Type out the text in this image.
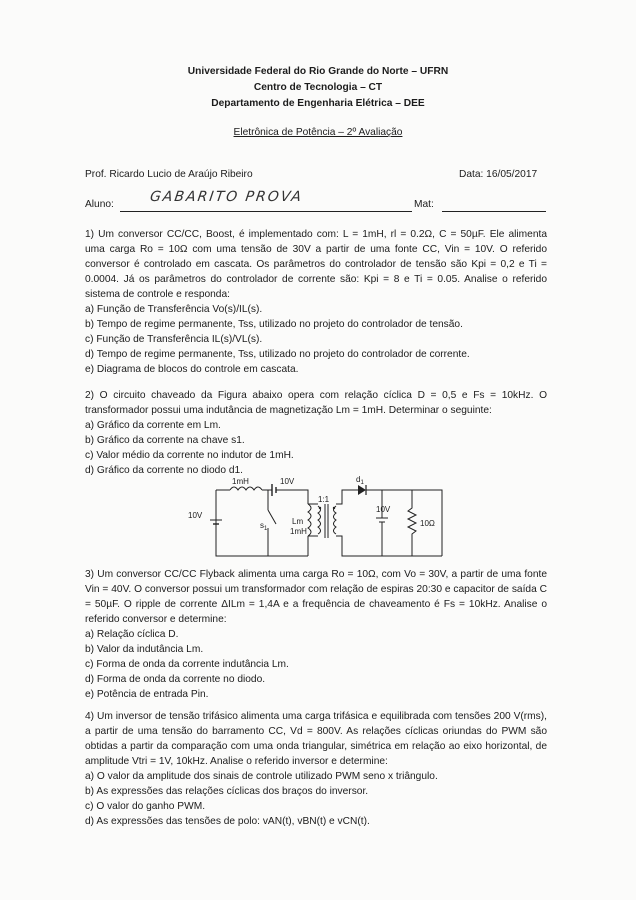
Universidade Federal do Rio Grande do Norte – UFRN
Centro de Tecnologia – CT
Departamento de Engenharia Elétrica – DEE
Eletrônica de Potência – 2º Avaliação
Prof. Ricardo Lucio de Araújo Ribeiro	Data: 16/05/2017
Aluno: GABARITO PROVA	Mat:

1) Um conversor CC/CC, Boost, é implementado com: L = 1mH, rl = 0.2Ω, C = 50µF. Ele alimenta uma carga Ro = 10Ω com uma tensão de 30V a partir de uma fonte CC, Vin = 10V. O referido conversor é controlado em cascata. Os parâmetros do controlador de tensão são Kpi = 0,2 e Ti = 0.0004. Já os parâmetros do controlador de corrente são: Kpi = 8 e Ti = 0.05. Analise o referido sistema de controle e responda:

a) Função de Transferência Vo(s)/IL(s).
b) Tempo de regime permanente, Tss, utilizado no projeto do controlador de tensão.
c) Função de Transferência IL(s)/VL(s).
d) Tempo de regime permanente, Tss, utilizado no projeto do controlador de corrente.
e) Diagrama de blocos do controle em cascata.

2) O circuito chaveado da Figura abaixo opera com relação cíclica D = 0,5 e Fs = 10kHz. O transformador possui uma indutância de magnetização Lm = 1mH. Determinar o seguinte:

a) Gráfico da corrente em Lm.
b) Gráfico da corrente na chave s1.
c) Valor médio da corrente no indutor de 1mH.
d) Gráfico da corrente no diodo d1.
1mH	10V
10V
$s_1$
Lm
1mH
1:1
$d_1$
10V
10Ω

3) Um conversor CC/CC Flyback alimenta uma carga Ro = 10Ω, com Vo = 30V, a partir de uma fonte Vin = 40V. O conversor possui um transformador com relação de espiras 20:30 e capacitor de saída C = 50µF. O ripple de corrente ΔILm = 1,4A e a frequência de chaveamento é Fs = 10kHz. Analise o referido conversor e determine:

a) Relação cíclica D.
b) Valor da indutância Lm.
c) Forma de onda da corrente indutância Lm.
d) Forma de onda da corrente no diodo.
e) Potência de entrada Pin.

4) Um inversor de tensão trifásico alimenta uma carga trifásica e equilibrada com tensões 200 V(rms), a partir de uma tensão do barramento CC, Vd = 800V. As relações cíclicas oriundas do PWM são obtidas a partir da comparação com uma onda triangular, simétrica em relação ao eixo horizontal, de amplitude Vtri = 1V, 10kHz. Analise o referido inversor e determine:

a) O valor da amplitude dos sinais de controle utilizado PWM seno x triângulo.
b) As expressões das relações cíclicas dos braços do inversor.
c) O valor do ganho PWM.
d) As expressões das tensões de polo: vAN(t), vBN(t) e vCN(t).
